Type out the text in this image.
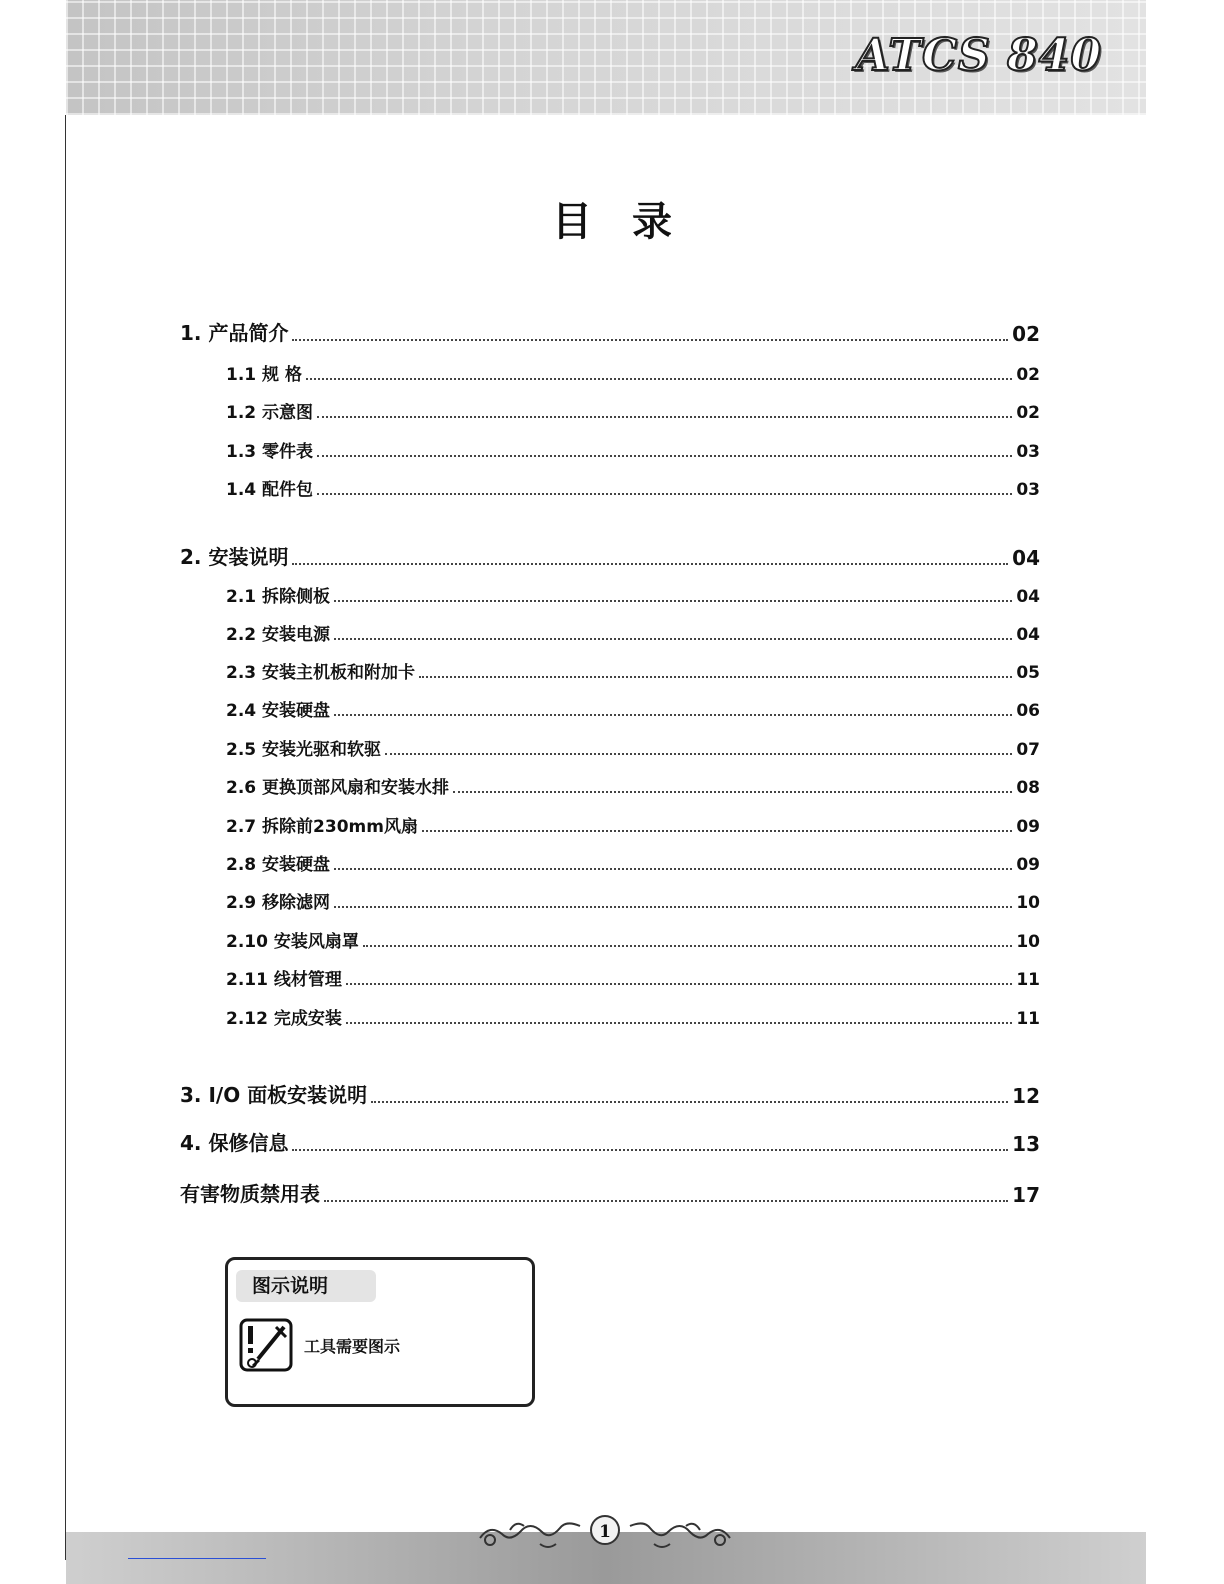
ATCS 840
目录
1. 产品简介	02
1.1 规 格	02
1.2 示意图	02
1.3 零件表	03
1.4 配件包	03
2. 安装说明	04
2.1 拆除侧板	04
2.2 安装电源	04
2.3 安装主机板和附加卡	05
2.4 安装硬盘	06
2.5 安装光驱和软驱	07
2.6 更换顶部风扇和安装水排	08
2.7 拆除前230mm风扇	09
2.8 安装硬盘	09
2.9 移除滤网	10
2.10 安装风扇罩	10
2.11 线材管理	11
2.12 完成安装	11
3. I/O 面板安装说明	12
4. 保修信息	13
有害物质禁用表	17
图示说明
工具需要图示
1
